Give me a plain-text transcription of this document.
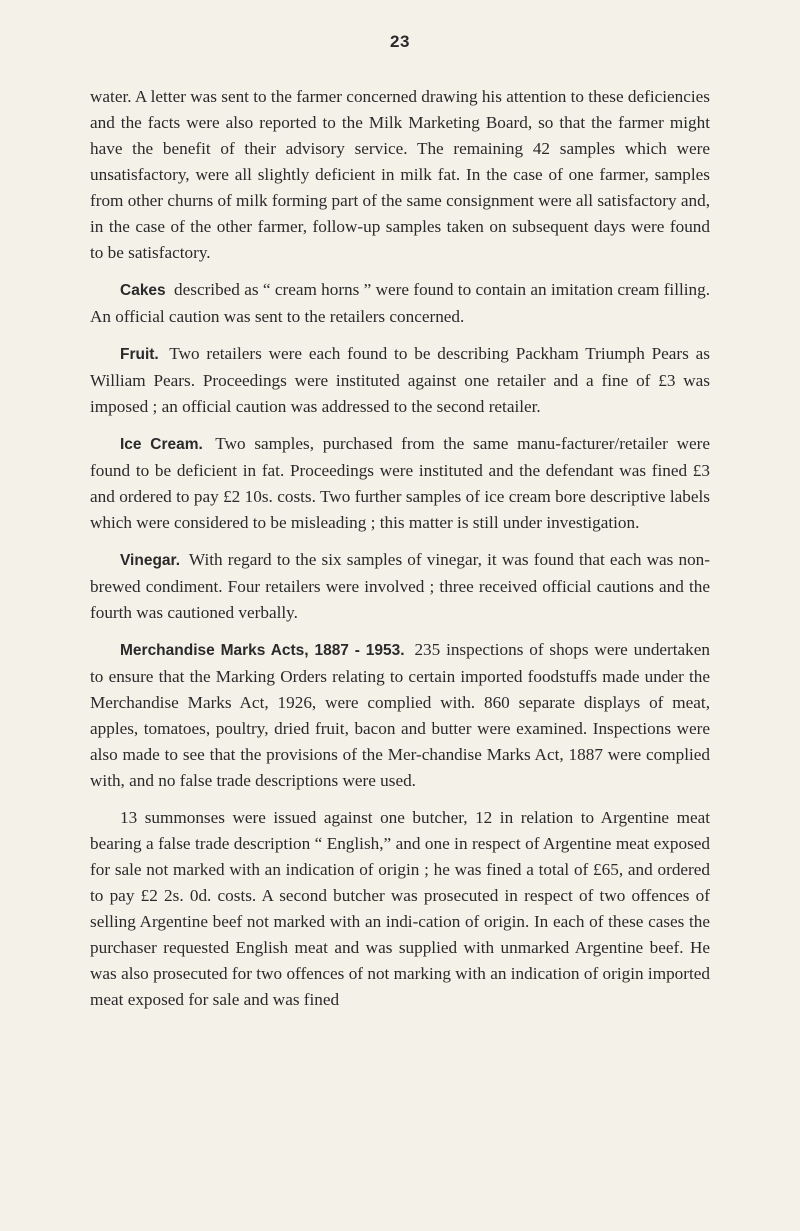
23

water. A letter was sent to the farmer concerned drawing his attention to these deficiencies and the facts were also reported to the Milk Marketing Board, so that the farmer might have the benefit of their advisory service. The remaining 42 samples which were unsatisfactory, were all slightly deficient in milk fat. In the case of one farmer, samples from other churns of milk forming part of the same consignment were all satisfactory and, in the case of the other farmer, follow-up samples taken on subsequent days were found to be satisfactory.

Cakes described as “ cream horns ” were found to contain an imitation cream filling. An official caution was sent to the retailers concerned.

Fruit. Two retailers were each found to be describing Packham Triumph Pears as William Pears. Proceedings were instituted against one retailer and a fine of £3 was imposed ; an official caution was addressed to the second retailer.

Ice Cream. Two samples, purchased from the same manu-facturer/retailer were found to be deficient in fat. Proceedings were instituted and the defendant was fined £3 and ordered to pay £2 10s. costs. Two further samples of ice cream bore descriptive labels which were considered to be misleading ; this matter is still under investigation.

Vinegar. With regard to the six samples of vinegar, it was found that each was non-brewed condiment. Four retailers were involved ; three received official cautions and the fourth was cautioned verbally.

Merchandise Marks Acts, 1887 - 1953. 235 inspections of shops were undertaken to ensure that the Marking Orders relating to certain imported foodstuffs made under the Merchandise Marks Act, 1926, were complied with. 860 separate displays of meat, apples, tomatoes, poultry, dried fruit, bacon and butter were examined. Inspections were also made to see that the provisions of the Mer-chandise Marks Act, 1887 were complied with, and no false trade descriptions were used.

13 summonses were issued against one butcher, 12 in relation to Argentine meat bearing a false trade description “ English,” and one in respect of Argentine meat exposed for sale not marked with an indication of origin ; he was fined a total of £65, and ordered to pay £2 2s. 0d. costs. A second butcher was prosecuted in respect of two offences of selling Argentine beef not marked with an indi-cation of origin. In each of these cases the purchaser requested English meat and was supplied with unmarked Argentine beef. He was also prosecuted for two offences of not marking with an indication of origin imported meat exposed for sale and was fined
